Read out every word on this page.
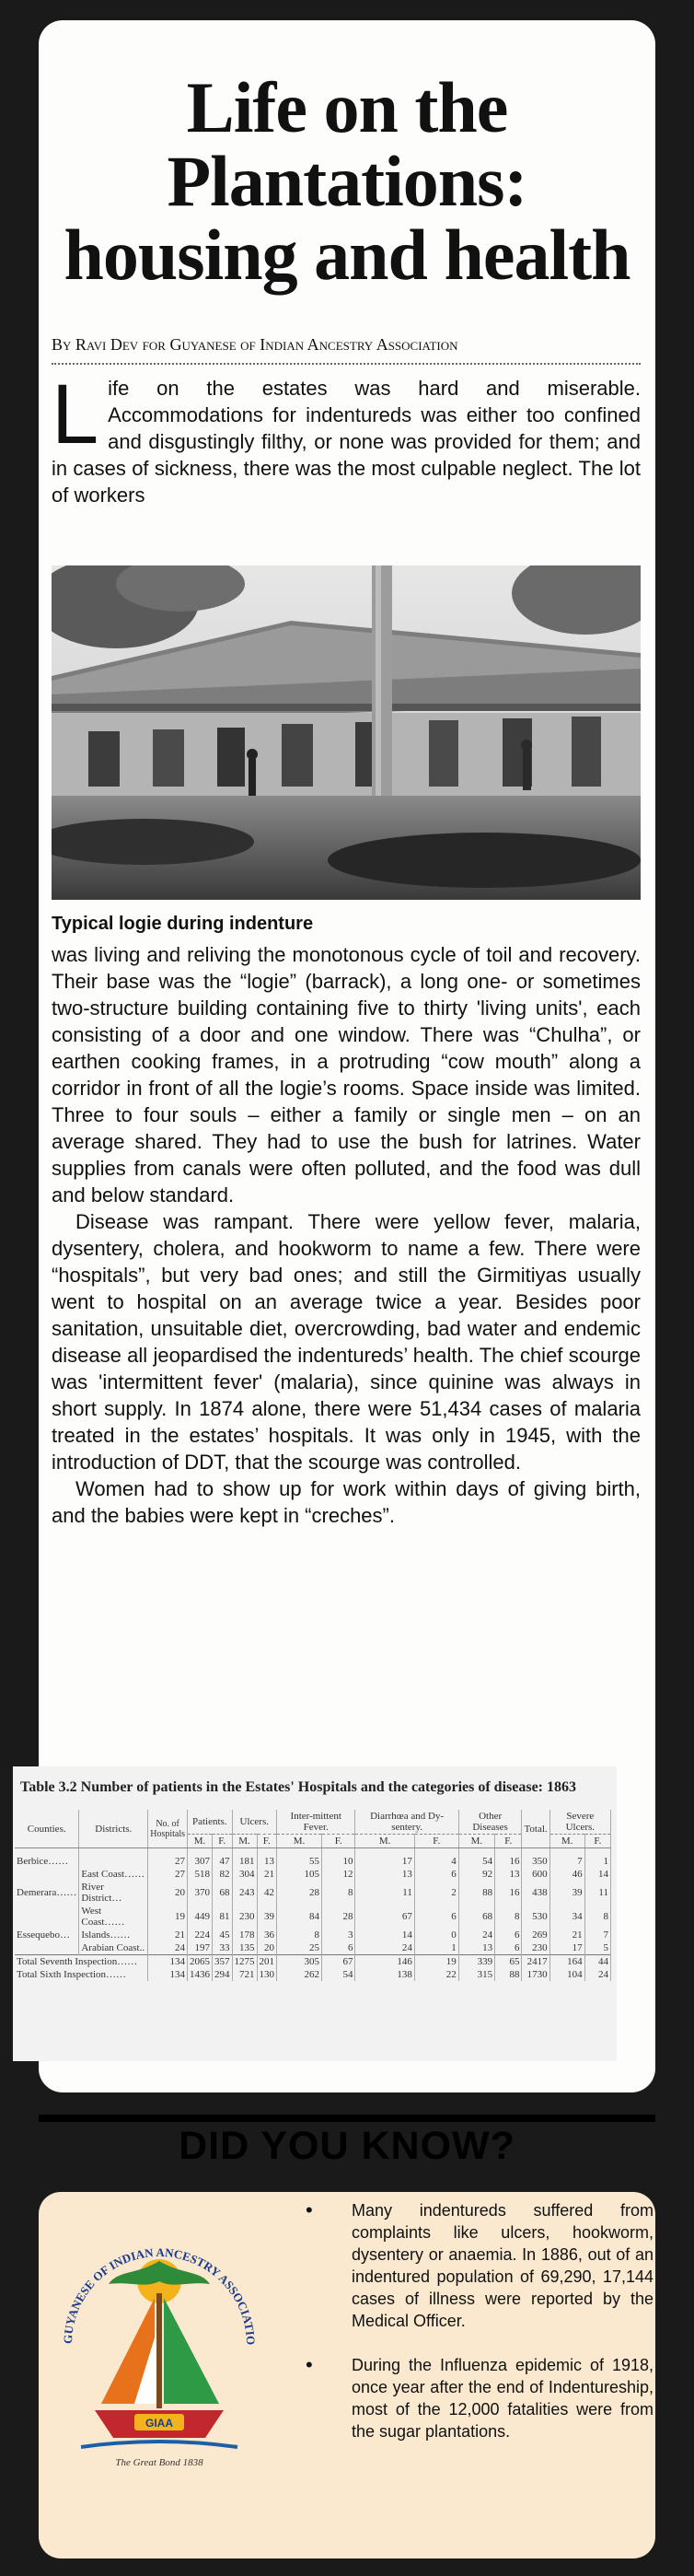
Life on the
Plantations:
housing and health
By Ravi Dev for Guyanese of Indian Ancestry Association
L ife on the estates was hard and miserable. Accommodations for indentureds was either too confined and disgustingly filthy, or none was provided for them; and in cases of sickness, there was the most culpable neglect. The lot of workers
Typical logie during indenture

was living and reliving the monotonous cycle of toil and recovery. Their base was the “logie” (barrack), a long one- or sometimes two-structure building containing five to thirty 'living units', each consisting of a door and one window. There was “Chulha”, or earthen cooking frames, in a protruding “cow mouth” along a corridor in front of all the logie’s rooms. Space inside was limited. Three to four souls – either a family or single men – on an average shared. They had to use the bush for latrines. Water supplies from canals were often polluted, and the food was dull and below standard.

Disease was rampant. There were yellow fever, malaria, dysentery, cholera, and hookworm to name a few. There were “hospitals”, but very bad ones; and still the Girmitiyas usually went to hospital on an average twice a year. Besides poor sanitation, unsuitable diet, overcrowding, bad water and endemic disease all jeopardised the indentureds’ health. The chief scourge was 'intermittent fever' (malaria), since quinine was always in short supply. In 1874 alone, there were 51,434 cases of malaria treated in the estates’ hospitals. It was only in 1945, with the introduction of DDT, that the scourge was controlled.

Women had to show up for work within days of giving birth, and the babies were kept in “creches”.

Table 3.2 Number of patients in the Estates' Hospitals and the categories of disease: 1863
Counties.	Districts.	No. of Hospitals	Patients.		Ulcers.		Inter-mittent Fever.		Diarrhœa and Dy-sentery.		Other Diseases		Total.	Severe Ulcers.	
			M.	F.	M.	F.	M.	F.	M.	F.	M.	F.		M.	F.
Berbice……		27	307	47	181	13	55	10	17	4	54	16	350	7	1
	East Coast……	27	518	82	304	21	105	12	13	6	92	13	600	46	14
Demerara……	River District…	20	370	68	243	42	28	8	11	2	88	16	438	39	11
	West Coast……	19	449	81	230	39	84	28	67	6	68	8	530	34	8
Essequebo…	Islands……	21	224	45	178	36	8	3	14	0	24	6	269	21	7
	Arabian Coast..	24	197	33	135	20	25	6	24	1	13	6	230	17	5
Total Seventh Inspection……		134	2065	357	1275	201	305	67	146	19	339	65	2417	164	44
Total Sixth Inspection……		134	1436	294	721	130	262	54	138	22	315	88	1730	104	24
DID YOU KNOW?
GUYANESE OF INDIAN ANCESTRY ASSOCIATIO
GIAA
The Great Bond 1838
• Many indentureds suffered from complaints like ulcers, hookworm, dysentery or anaemia. In 1886, out of an indentured population of 69,290, 17,144 cases of illness were reported by the Medical Officer.
• During the Influenza epidemic of 1918, once year after the end of Indentureship, most of the 12,000 fatalities were from the sugar plantations.
